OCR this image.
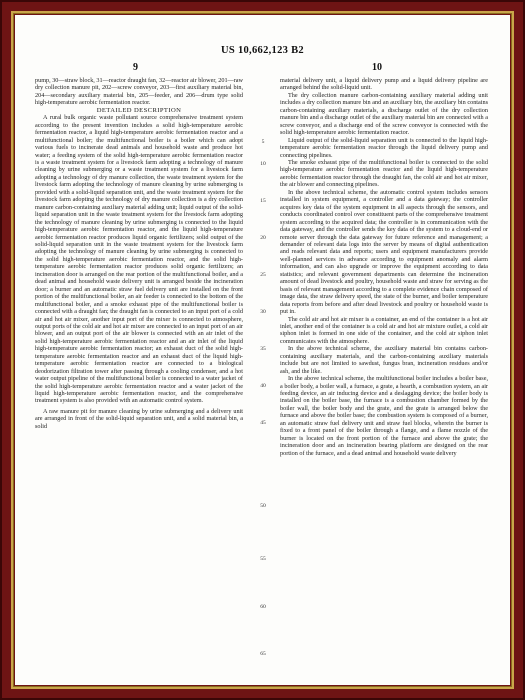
US 10,662,123 B2
9	10

pump, 30—straw block, 31—reactor draught fan, 32—reactor air blower, 201—raw dry collection manure pit, 202—screw conveyor, 203—first auxiliary material bin, 204—secondary auxiliary material bin, 205—feeder, and 206—drum type solid high-temperature aerobic fermentation reactor.

DETAILED DESCRIPTION

A rural bulk organic waste pollutant source comprehensive treatment system according to the present invention includes a solid high-temperature aerobic fermentation reactor, a liquid high-temperature aerobic fermentation reactor and a multifunctional boiler; the multifunctional boiler is a boiler which can adopt various fuels to incinerate dead animals and household waste and produce hot water; a feeding system of the solid high-temperature aerobic fermentation reactor is a waste treatment system for a livestock farm adopting a technology of manure cleaning by urine submerging or a waste treatment system for a livestock farm adopting a technology of dry manure collection, the waste treatment system for the livestock farm adopting the technology of manure cleaning by urine submerging is provided with a solid-liquid separation unit, and the waste treatment system for the livestock farm adopting the technology of dry manure collection is a dry collection manure carbon-containing auxiliary material adding unit; liquid output of the solid-liquid separation unit in the waste treatment system for the livestock farm adopting the technology of manure cleaning by urine submerging is connected to the liquid high-temperature aerobic fermentation reactor, and the liquid high-temperature aerobic fermentation reactor produces liquid organic fertilizers; solid output of the solid-liquid separation unit in the waste treatment system for the livestock farm adopting the technology of manure cleaning by urine submerging is connected to the solid high-temperature aerobic fermentation reactor, and the solid high-temperature aerobic fermentation reactor produces solid organic fertilizers; an incineration door is arranged on the rear portion of the multifunctional boiler, and a dead animal and household waste delivery unit is arranged beside the incineration door; a burner and an automatic straw fuel delivery unit are installed on the front portion of the multifunctional boiler, an air feeder is connected to the bottom of the multifunctional boiler, and a smoke exhaust pipe of the multifunctional boiler is connected with a draught fan; the draught fan is connected to an input port of a cold air and hot air mixer, another input port of the mixer is connected to atmosphere, output ports of the cold air and hot air mixer are connected to an input port of an air blower, and an output port of the air blower is connected with an air inlet of the solid high-temperature aerobic fermentation reactor and an air inlet of the liquid high-temperature aerobic fermentation reactor; an exhaust duct of the solid high-temperature aerobic fermentation reactor and an exhaust duct of the liquid high-temperature aerobic fermentation reactor are connected to a biological deodorization filtration tower after passing through a cooling condenser, and a hot water output pipeline of the multifunctional boiler is connected to a water jacket of the solid high-temperature aerobic fermentation reactor and a water jacket of the liquid high-temperature aerobic fermentation reactor, and the comprehensive treatment system is also provided with an automatic control system.

A raw manure pit for manure cleaning by urine submerging and a delivery unit are arranged in front of the solid-liquid separation unit, and a solid material bin, a solid

material delivery unit, a liquid delivery pump and a liquid delivery pipeline are arranged behind the solid-liquid unit.

The dry collection manure carbon-containing auxiliary material adding unit includes a dry collection manure bin and an auxiliary bin, the auxiliary bin contains carbon-containing auxiliary materials, a discharge outlet of the dry collection manure bin and a discharge outlet of the auxiliary material bin are connected with a screw conveyor, and a discharge end of the screw conveyor is connected with the solid high-temperature aerobic fermentation reactor.

Liquid output of the solid-liquid separation unit is connected to the liquid high-temperature aerobic fermentation reactor through the liquid delivery pump and connecting pipelines.

The smoke exhaust pipe of the multifunctional boiler is connected to the solid high-temperature aerobic fermentation reactor and the liquid high-temperature aerobic fermentation reactor through the draught fan, the cold air and hot air mixer, the air blower and connecting pipelines.

In the above technical scheme, the automatic control system includes sensors installed in system equipment, a controller and a data gateway; the controller acquires key data of the system equipment in all aspects through the sensors, and conducts coordinated control over constituent parts of the comprehensive treatment system according to the acquired data; the controller is in communication with the data gateway, and the controller sends the key data of the system to a cloud-end or remote server through the data gateway for future reference and management; a demander of relevant data logs into the server by means of digital authentication and reads relevant data and reports; users and equipment manufacturers provide well-planned services in advance according to equipment anomaly and alarm information, and can also upgrade or improve the equipment according to data statistics; and relevant government departments can determine the incineration amount of dead livestock and poultry, household waste and straw for serving as the basis of relevant management according to a complete evidence chain composed of image data, the straw delivery speed, the state of the burner, and boiler temperature data reports from before and after dead livestock and poultry or household waste is put in.

The cold air and hot air mixer is a container, an end of the container is a hot air inlet, another end of the container is a cold air and hot air mixture outlet, a cold air siphon inlet is formed in one side of the container, and the cold air siphon inlet communicates with the atmosphere.

In the above technical scheme, the auxiliary material bin contains carbon-containing auxiliary materials, and the carbon-containing auxiliary materials include but are not limited to sawdust, fungus bran, incineration residues and/or ash, and the like.

In the above technical scheme, the multifunctional boiler includes a boiler base, a boiler body, a boiler wall, a furnace, a grate, a hearth, a combustion system, an air feeding device, an air inducing device and a deslagging device; the boiler body is installed on the boiler base, the furnace is a combustion chamber formed by the boiler wall, the boiler body and the grate, and the grate is arranged below the furnace and above the boiler base; the combustion system is composed of a burner, an automatic straw fuel delivery unit and straw fuel blocks, wherein the burner is fixed to a front panel of the boiler through a flange, and a flame nozzle of the burner is located on the front portion of the furnace and above the grate; the incineration door and an incineration bearing platform are designed on the rear portion of the furnace, and a dead animal and household waste delivery

5
10
15
20
25
30
35
40
45
50
55
60
65
